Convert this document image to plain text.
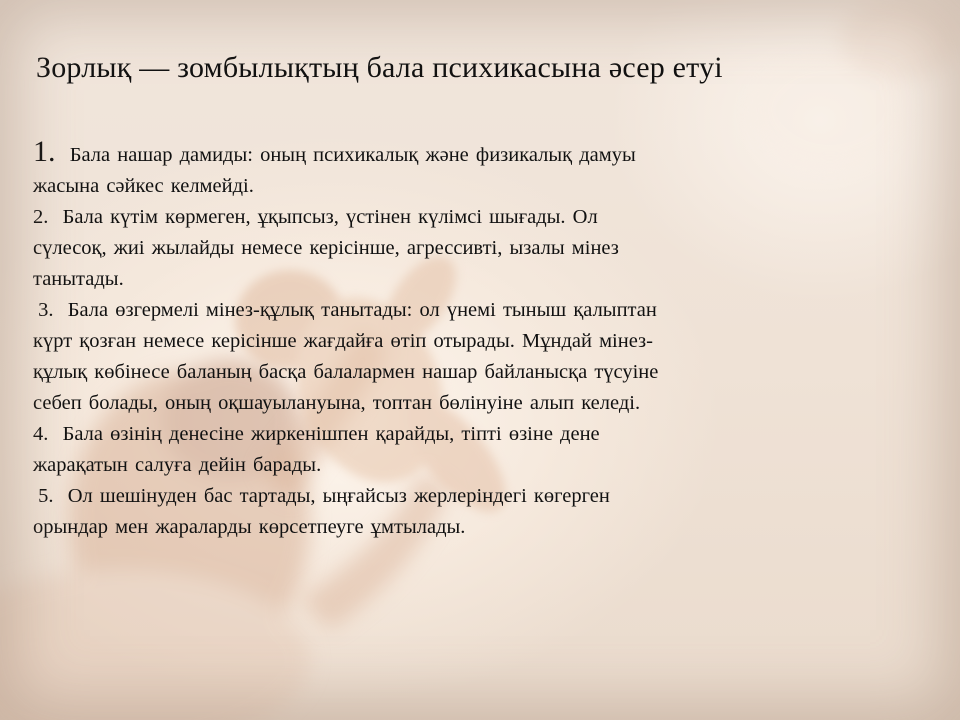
Зорлық — зомбылықтың бала психикасына әсер етуі
1.  Бала нашар дамиды: оның психикалық және физикалық дамуы
жасына сәйкес келмейді.
2.  Бала күтім көрмеген, ұқыпсыз, үстінен күлімсі шығады. Ол
сүлесоқ, жиі жылайды немесе керісінше, агрессивті, ызалы мінез
танытады.
3.  Бала өзгермелі мінез-құлық танытады: ол үнемі тыныш қалыптан
күрт қозған немесе керісінше жағдайға өтіп отырады. Мұндай мінез-
құлық көбінесе баланың басқа балалармен нашар байланысқа түсуіне
себеп болады, оның оқшауылануына, топтан бөлінуіне алып келеді.
4.  Бала өзінің денесіне жиркенішпен қарайды, тіпті өзіне дене
жарақатын салуға дейін барады.
5.  Ол шешінуден бас тартады, ыңғайсыз жерлеріндегі көгерген
орындар мен жараларды көрсетпеуге ұмтылады.
